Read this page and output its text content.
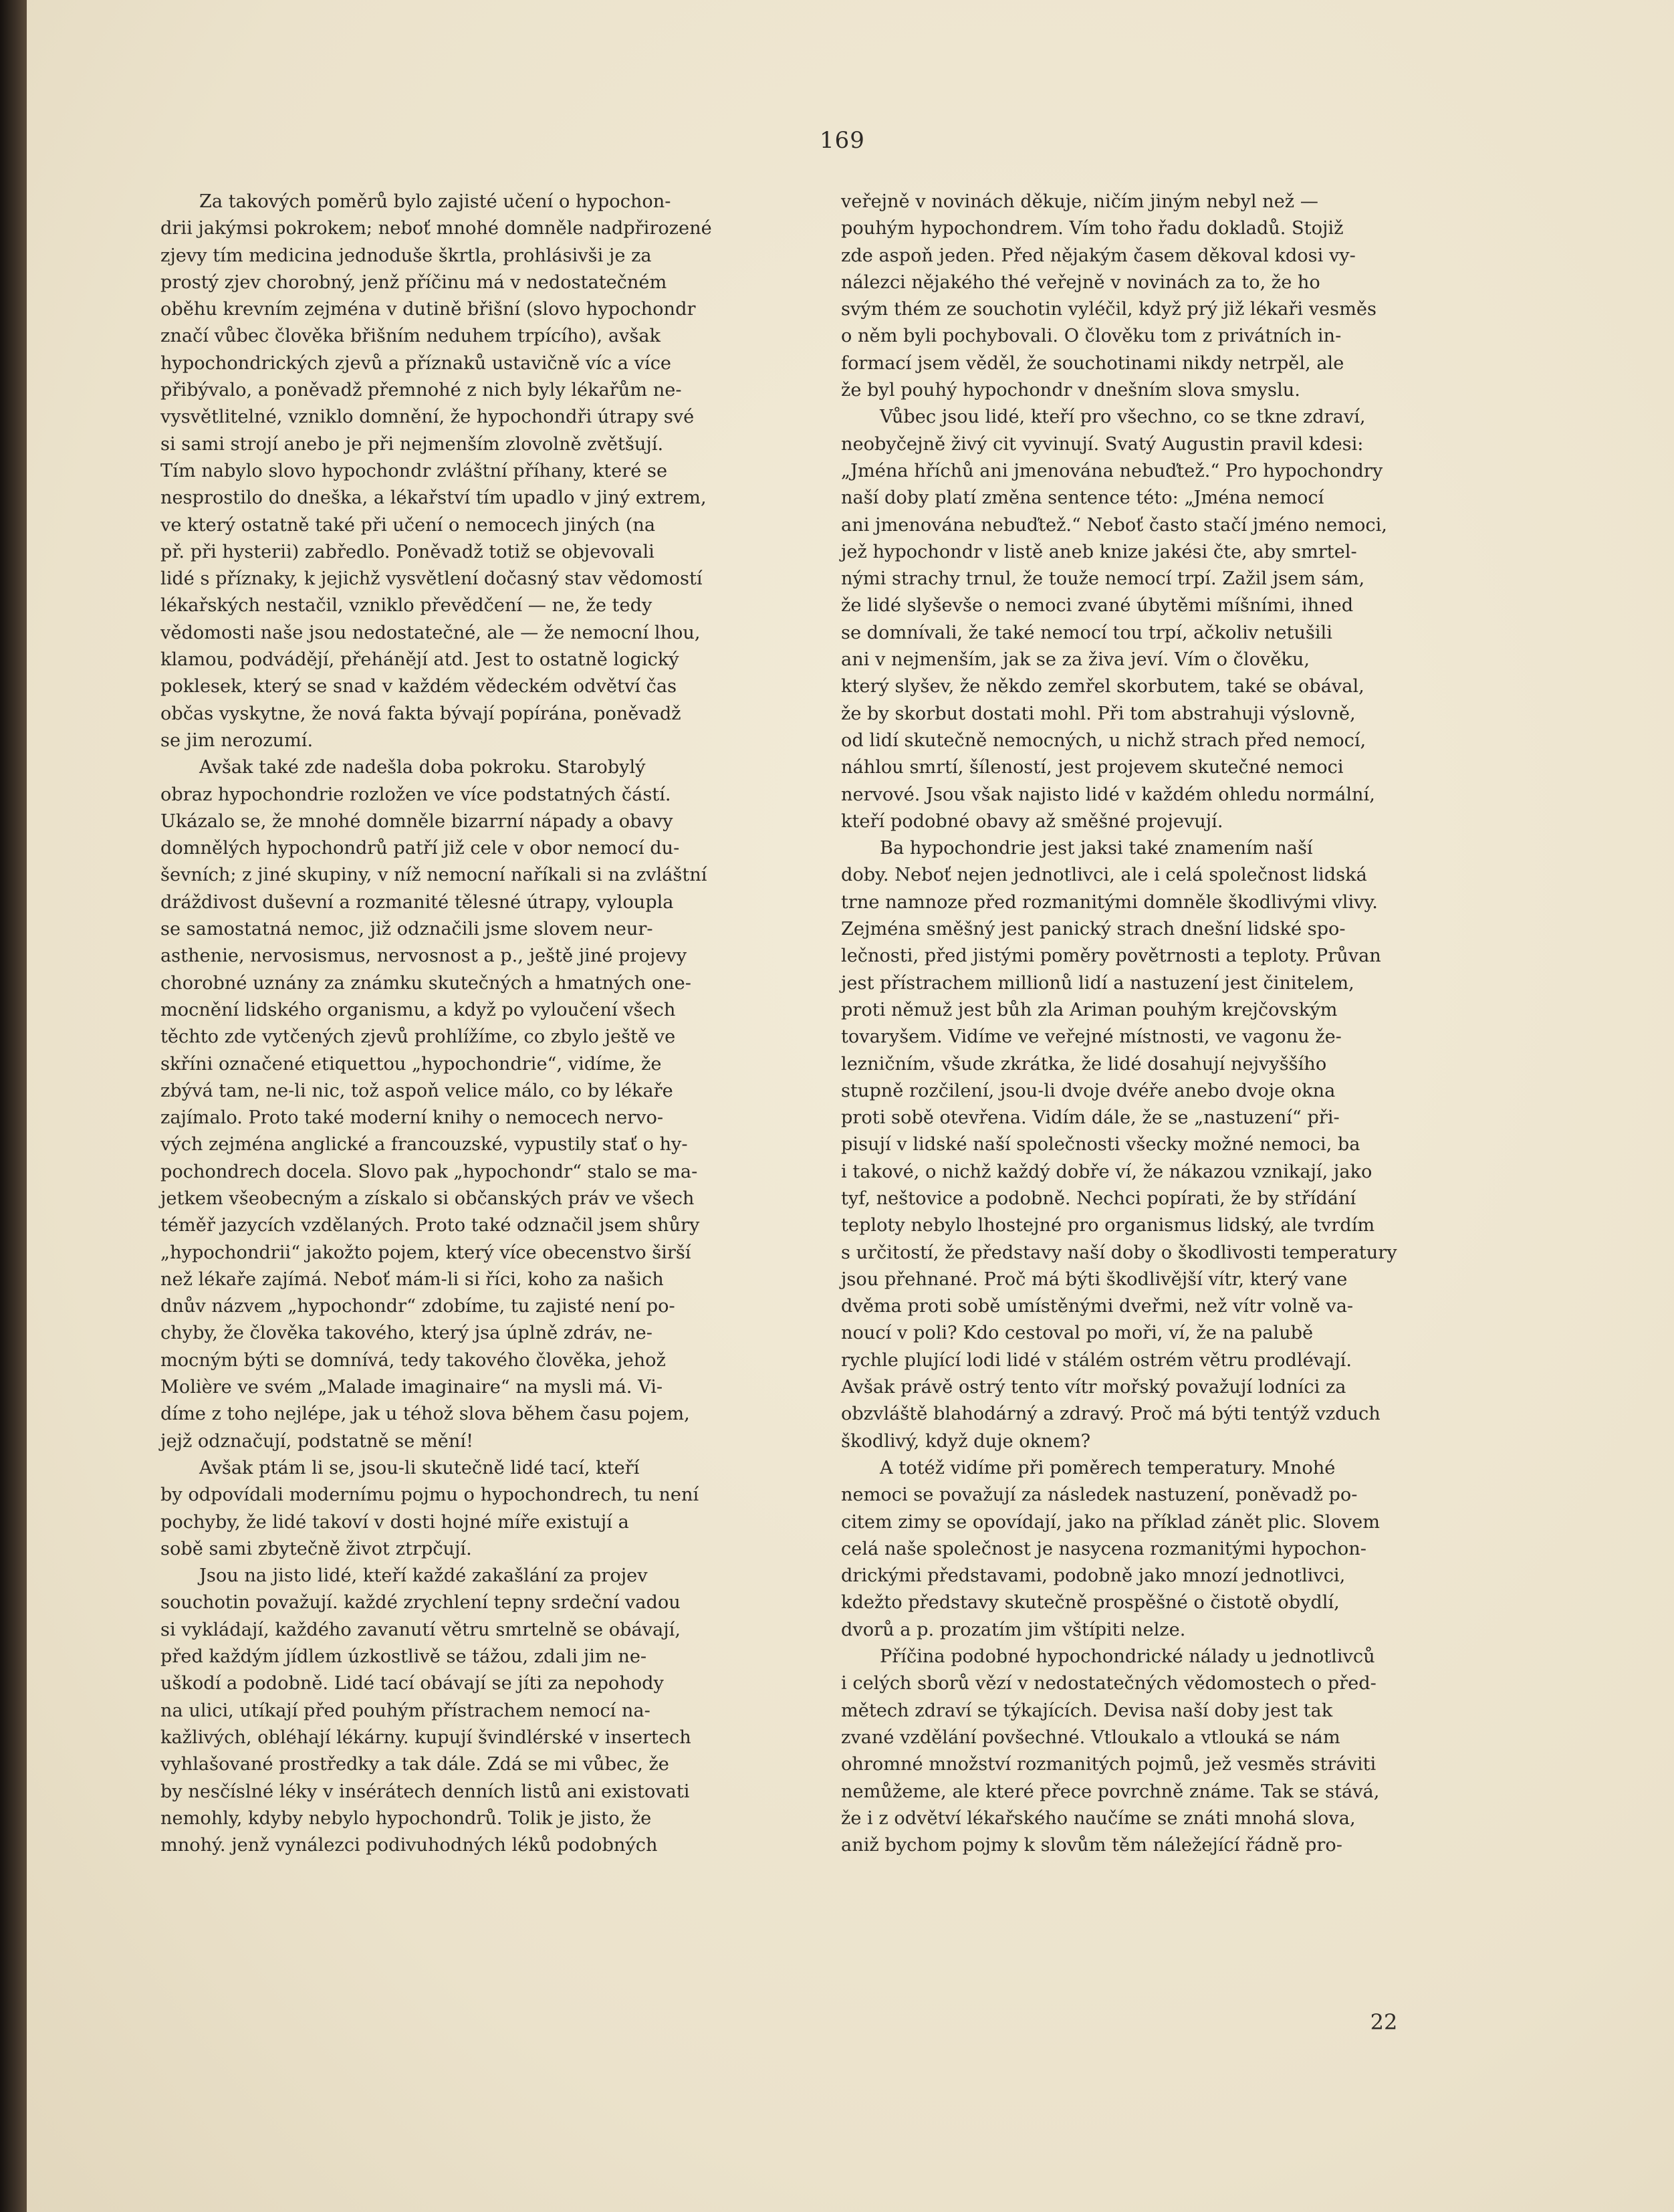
169
Za takových poměrů bylo zajisté učení o hypochon-
drii jakýmsi pokrokem; neboť mnohé domněle nadpřirozené
zjevy tím medicina jednoduše škrtla, prohlásivši je za
prostý zjev chorobný, jenž příčinu má v nedostatečném
oběhu krevním zejména v dutině břišní (slovo hypochondr
značí vůbec člověka břišním neduhem trpícího), avšak
hypochondrických zjevů a příznaků ustavičně víc a více
přibývalo, a poněvadž přemnohé z nich byly lékařům ne-
vysvětlitelné, vzniklo domnění, že hypochondři útrapy své
si sami strojí anebo je při nejmenším zlovolně zvětšují.
Tím nabylo slovo hypochondr zvláštní příhany, které se
nesprostilo do dneška, a lékařství tím upadlo v jiný extrem,
ve který ostatně také při učení o nemocech jiných (na
př. při hysterii) zabředlo. Poněvadž totiž se objevovali
lidé s příznaky, k jejichž vysvětlení dočasný stav vědomostí
lékařských nestačil, vzniklo převědčení — ne, že tedy
vědomosti naše jsou nedostatečné, ale — že nemocní lhou,
klamou, podvádějí, přehánějí atd. Jest to ostatně logický
poklesek, který se snad v každém vědeckém odvětví čas
občas vyskytne, že nová fakta bývají popírána, poněvadž
se jim nerozumí.
Avšak také zde nadešla doba pokroku. Starobylý
obraz hypochondrie rozložen ve více podstatných částí.
Ukázalo se, že mnohé domněle bizarrní nápady a obavy
domnělých hypochondrů patří již cele v obor nemocí du-
ševních; z jiné skupiny, v níž nemocní naříkali si na zvláštní
dráždivost duševní a rozmanité tělesné útrapy, vyloupla
se samostatná nemoc, již odznačili jsme slovem neur-
asthenie, nervosismus, nervosnost a p., ještě jiné projevy
chorobné uznány za známku skutečných a hmatných one-
mocnění lidského organismu, a když po vyloučení všech
těchto zde vytčených zjevů prohlížíme, co zbylo ještě ve
skříni označené etiquettou „hypochondrie“, vidíme, že
zbývá tam, ne-li nic, tož aspoň velice málo, co by lékaře
zajímalo. Proto také moderní knihy o nemocech nervo-
vých zejména anglické a francouzské, vypustily stať o hy-
pochondrech docela. Slovo pak „hypochondr“ stalo se ma-
jetkem všeobecným a získalo si občanských práv ve všech
téměř jazycích vzdělaných. Proto také odznačil jsem shůry
„hypochondrii“ jakožto pojem, který více obecenstvo širší
než lékaře zajímá. Neboť mám-li si říci, koho za našich
dnův názvem „hypochondr“ zdobíme, tu zajisté není po-
chyby, že člověka takového, který jsa úplně zdráv, ne-
mocným býti se domnívá, tedy takového člověka, jehož
Molière ve svém „Malade imaginaire“ na mysli má. Vi-
díme z toho nejlépe, jak u téhož slova během času pojem,
jejž odznačují, podstatně se mění!
Avšak ptám li se, jsou-li skutečně lidé tací, kteří
by odpovídali modernímu pojmu o hypochondrech, tu není
pochyby, že lidé takoví v dosti hojné míře existují a
sobě sami zbytečně život ztrpčují.
Jsou na jisto lidé, kteří každé zakašlání za projev
souchotin považují. každé zrychlení tepny srdeční vadou
si vykládají, každého zavanutí větru smrtelně se obávají,
před každým jídlem úzkostlivě se tážou, zdali jim ne-
uškodí a podobně. Lidé tací obávají se jíti za nepohody
na ulici, utíkají před pouhým přístrachem nemocí na-
kažlivých, obléhají lékárny. kupují švindlérské v insertech
vyhlašované prostředky a tak dále. Zdá se mi vůbec, že
by nesčíslné léky v insérátech denních listů ani existovati
nemohly, kdyby nebylo hypochondrů. Tolik je jisto, že
mnohý. jenž vynálezci podivuhodných léků podobných
veřejně v novinách děkuje, ničím jiným nebyl než —
pouhým hypochondrem. Vím toho řadu dokladů. Stojiž
zde aspoň jeden. Před nějakým časem děkoval kdosi vy-
nálezci nějakého thé veřejně v novinách za to, že ho
svým thém ze souchotin vyléčil, když prý již lékaři vesměs
o něm byli pochybovali. O člověku tom z privátních in-
formací jsem věděl, že souchotinami nikdy netrpěl, ale
že byl pouhý hypochondr v dnešním slova smyslu.
Vůbec jsou lidé, kteří pro všechno, co se tkne zdraví,
neobyčejně živý cit vyvinují. Svatý Augustin pravil kdesi:
„Jména hříchů ani jmenována nebuďtež.“ Pro hypochondry
naší doby platí změna sentence této: „Jména nemocí
ani jmenována nebuďtež.“ Neboť často stačí jméno nemoci,
jež hypochondr v listě aneb knize jakési čte, aby smrtel-
nými strachy trnul, že touže nemocí trpí. Zažil jsem sám,
že lidé slyševše o nemoci zvané úbytěmi míšními, ihned
se domnívali, že také nemocí tou trpí, ačkoliv netušili
ani v nejmenším, jak se za živa jeví. Vím o člověku,
který slyšev, že někdo zemřel skorbutem, také se obával,
že by skorbut dostati mohl. Při tom abstrahuji výslovně,
od lidí skutečně nemocných, u nichž strach před nemocí,
náhlou smrtí, šíleností, jest projevem skutečné nemoci
nervové. Jsou však najisto lidé v každém ohledu normální,
kteří podobné obavy až směšné projevují.
Ba hypochondrie jest jaksi také znamením naší
doby. Neboť nejen jednotlivci, ale i celá společnost lidská
trne namnoze před rozmanitými domněle škodlivými vlivy.
Zejména směšný jest panický strach dnešní lidské spo-
lečnosti, před jistými poměry povětrnosti a teploty. Průvan
jest přístrachem millionů lidí a nastuzení jest činitelem,
proti němuž jest bůh zla Ariman pouhým krejčovským
tovaryšem. Vidíme ve veřejné místnosti, ve vagonu že-
lezničním, všude zkrátka, že lidé dosahují nejvyššího
stupně rozčilení, jsou-li dvoje dvéře anebo dvoje okna
proti sobě otevřena. Vidím dále, že se „nastuzení“ při-
pisují v lidské naší společnosti všecky možné nemoci, ba
i takové, o nichž každý dobře ví, že nákazou vznikají, jako
tyf, neštovice a podobně. Nechci popírati, že by střídání
teploty nebylo lhostejné pro organismus lidský, ale tvrdím
s určitostí, že představy naší doby o škodlivosti temperatury
jsou přehnané. Proč má býti škodlivější vítr, který vane
dvěma proti sobě umístěnými dveřmi, než vítr volně va-
noucí v poli? Kdo cestoval po moři, ví, že na palubě
rychle plující lodi lidé v stálém ostrém větru prodlévají.
Avšak právě ostrý tento vítr mořský považují lodníci za
obzvláště blahodárný a zdravý. Proč má býti tentýž vzduch
škodlivý, když duje oknem?
A totéž vidíme při poměrech temperatury. Mnohé
nemoci se považují za následek nastuzení, poněvadž po-
citem zimy se opovídají, jako na příklad zánět plic. Slovem
celá naše společnost je nasycena rozmanitými hypochon-
drickými představami, podobně jako mnozí jednotlivci,
kdežto představy skutečně prospěšné o čistotě obydlí,
dvorů a p. prozatím jim vštípiti nelze.
Příčina podobné hypochondrické nálady u jednotlivců
i celých sborů vězí v nedostatečných vědomostech o před-
mětech zdraví se týkajících. Devisa naší doby jest tak
zvané vzdělání povšechné. Vtloukalo a vtlouká se nám
ohromné množství rozmanitých pojmů, jež vesměs stráviti
nemůžeme, ale které přece povrchně známe. Tak se stává,
že i z odvětví lékařského naučíme se znáti mnohá slova,
aniž bychom pojmy k slovům těm náležející řádně pro-
22
